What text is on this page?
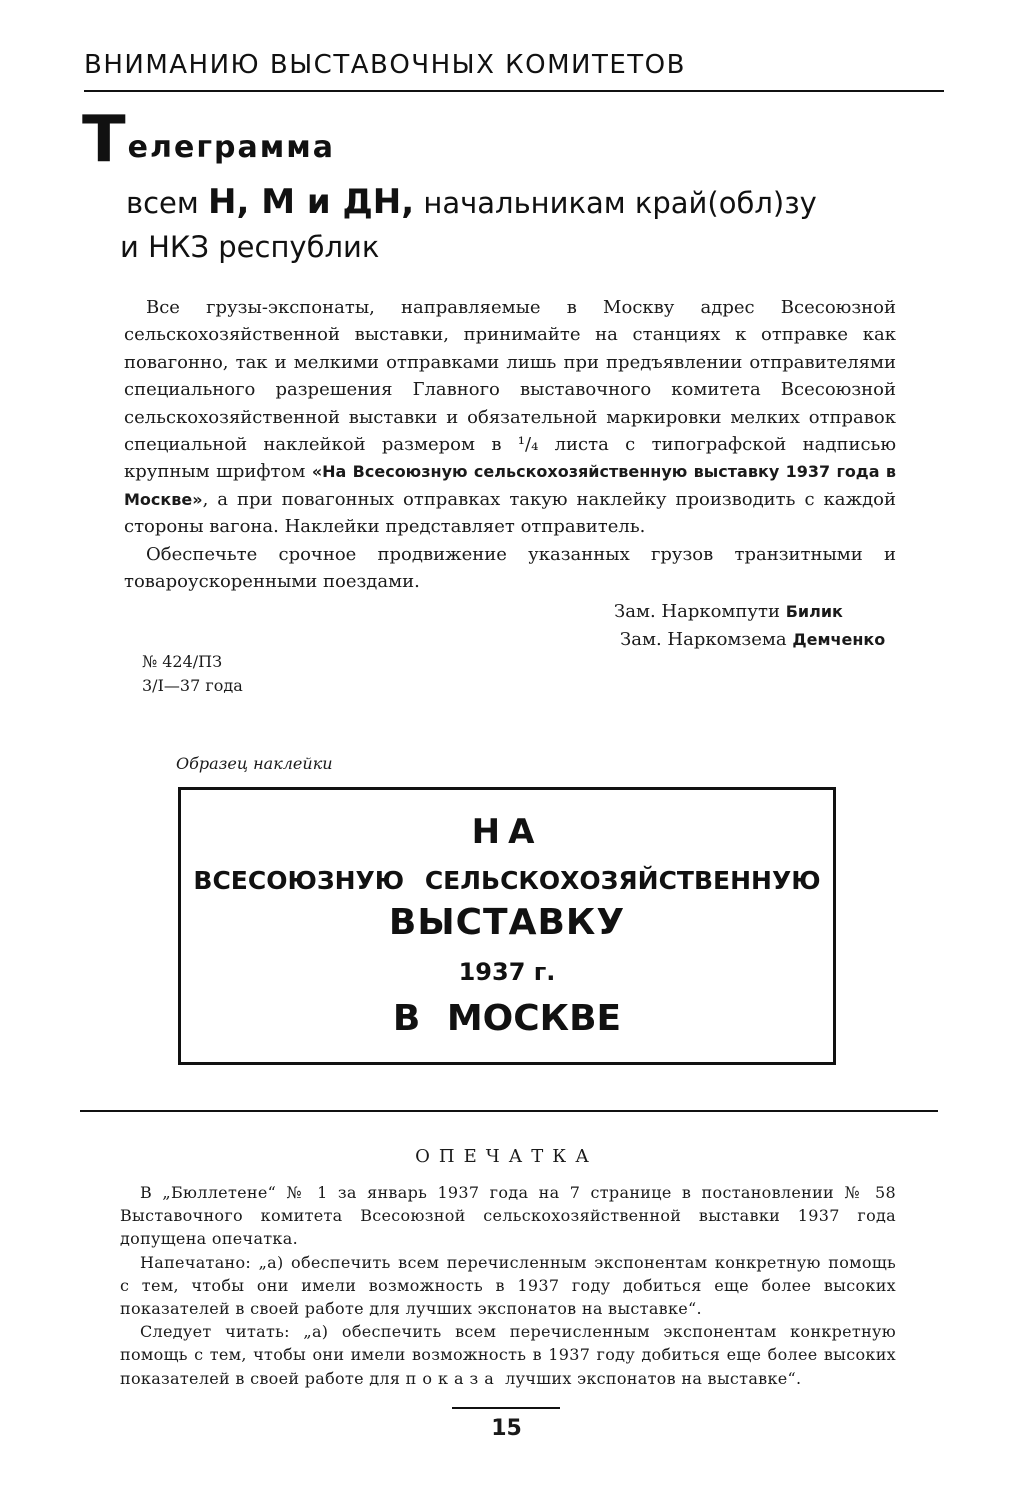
ВНИМАНИЮ ВЫСТАВОЧНЫХ КОМИТЕТОВ
Телеграмма
всем Н, М и ДН, начальникам край(обл)зу
и НКЗ республик

Все грузы-экспонаты, направляемые в Москву адрес Всесоюзной сельскохозяйственной выставки, принимайте на станциях к отправке как повагонно, так и мелкими отправками лишь при предъявлении отправителями специального разрешения Главного выставочного комитета Всесоюзной сельскохозяйственной выставки и обязательной маркировки мелких отправок специальной наклейкой размером в ¹/₄ листа с типографской надписью крупным шрифтом «На Всесоюзную сельскохозяйственную выставку 1937 года в Москве», а при повагонных отправках такую наклейку производить с каждой стороны вагона. Наклейки представляет отправитель.

Обеспечьте срочное продвижение указанных грузов транзитными и товароускоренными поездами.

Зам. Наркомпути Билик
Зам. Наркомзема Демченко
№ 424/ПЗ
3/I—37 года
Образец наклейки
НА
ВСЕСОЮЗНУЮ СЕЛЬСКОХОЗЯЙСТВЕННУЮ
ВЫСТАВКУ
1937 г.
В МОСКВЕ
ОПЕЧАТКА

В „Бюллетене“ № 1 за январь 1937 года на 7 странице в постановлении № 58 Выставочного комитета Всесоюзной сельскохозяйственной выставки 1937 года допущена опечатка.

Напечатано: „а) обеспечить всем перечисленным экспонентам конкретную помощь с тем, чтобы они имели возможность в 1937 году добиться еще более высоких показателей в своей работе для лучших экспонатов на выставке“.

Следует читать: „а) обеспечить всем перечисленным экспонентам конкретную помощь с тем, чтобы они имели возможность в 1937 году добиться еще более высоких показателей в своей работе для показа лучших экспонатов на выставке“.

15
